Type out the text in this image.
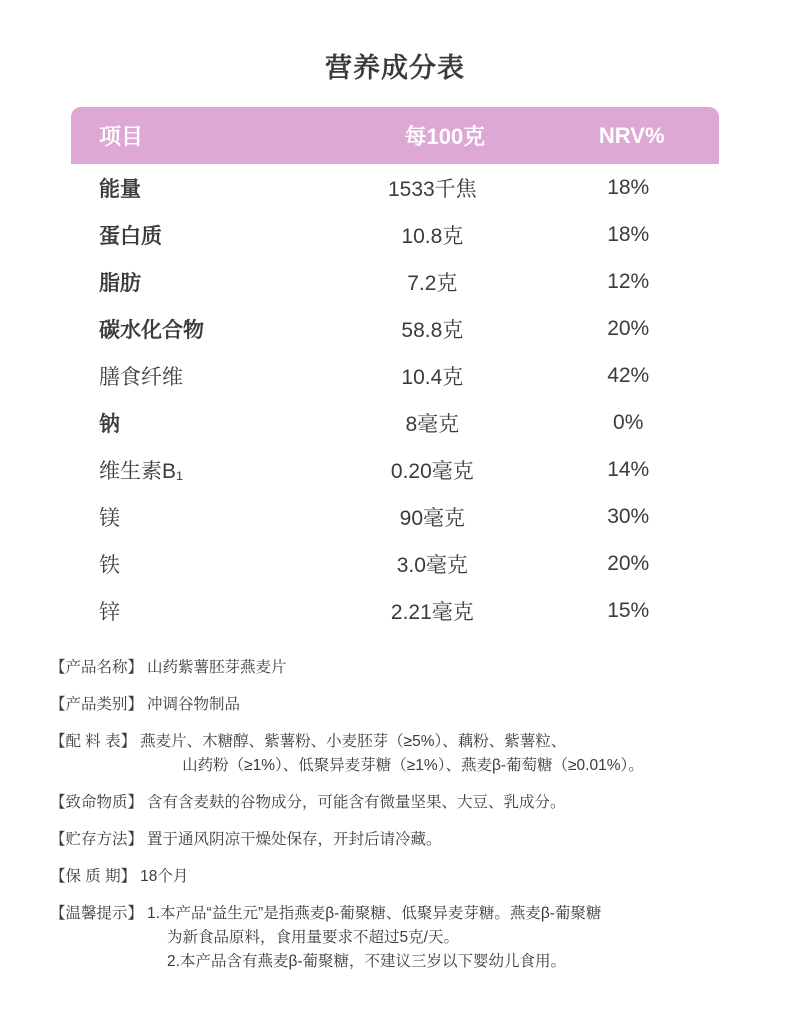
营养成分表
项目	每100克	NRV%
能量	1533千焦	18%
蛋白质	10.8克	18%
脂肪	7.2克	12%
碳水化合物	58.8克	20%
膳食纤维	10.4克	42%
钠	8毫克	0%
维生素B₁	0.20毫克	14%
镁	90毫克	30%
铁	3.0毫克	20%
锌	2.21毫克	15%
【产品名称】 山药紫薯胚芽燕麦片
【产品类别】 冲调谷物制品
【配 料 表】 燕麦片、木糖醇、紫薯粉、小麦胚芽（≥5%）、藕粉、紫薯粒、
山药粉（≥1%）、低聚异麦芽糖（≥1%）、燕麦β-葡萄糖（≥0.01%）。
【致命物质】 含有含麦麸的谷物成分，可能含有微量坚果、大豆、乳成分。
【贮存方法】 置于通风阴凉干燥处保存，开封后请冷藏。
【保 质 期】 18个月
【温馨提示】 1.本产品“益生元”是指燕麦β-葡聚糖、低聚异麦芽糖。燕麦β-葡聚糖
为新食品原料，食用量要求不超过5克/天。
2.本产品含有燕麦β-葡聚糖，不建议三岁以下婴幼儿食用。
